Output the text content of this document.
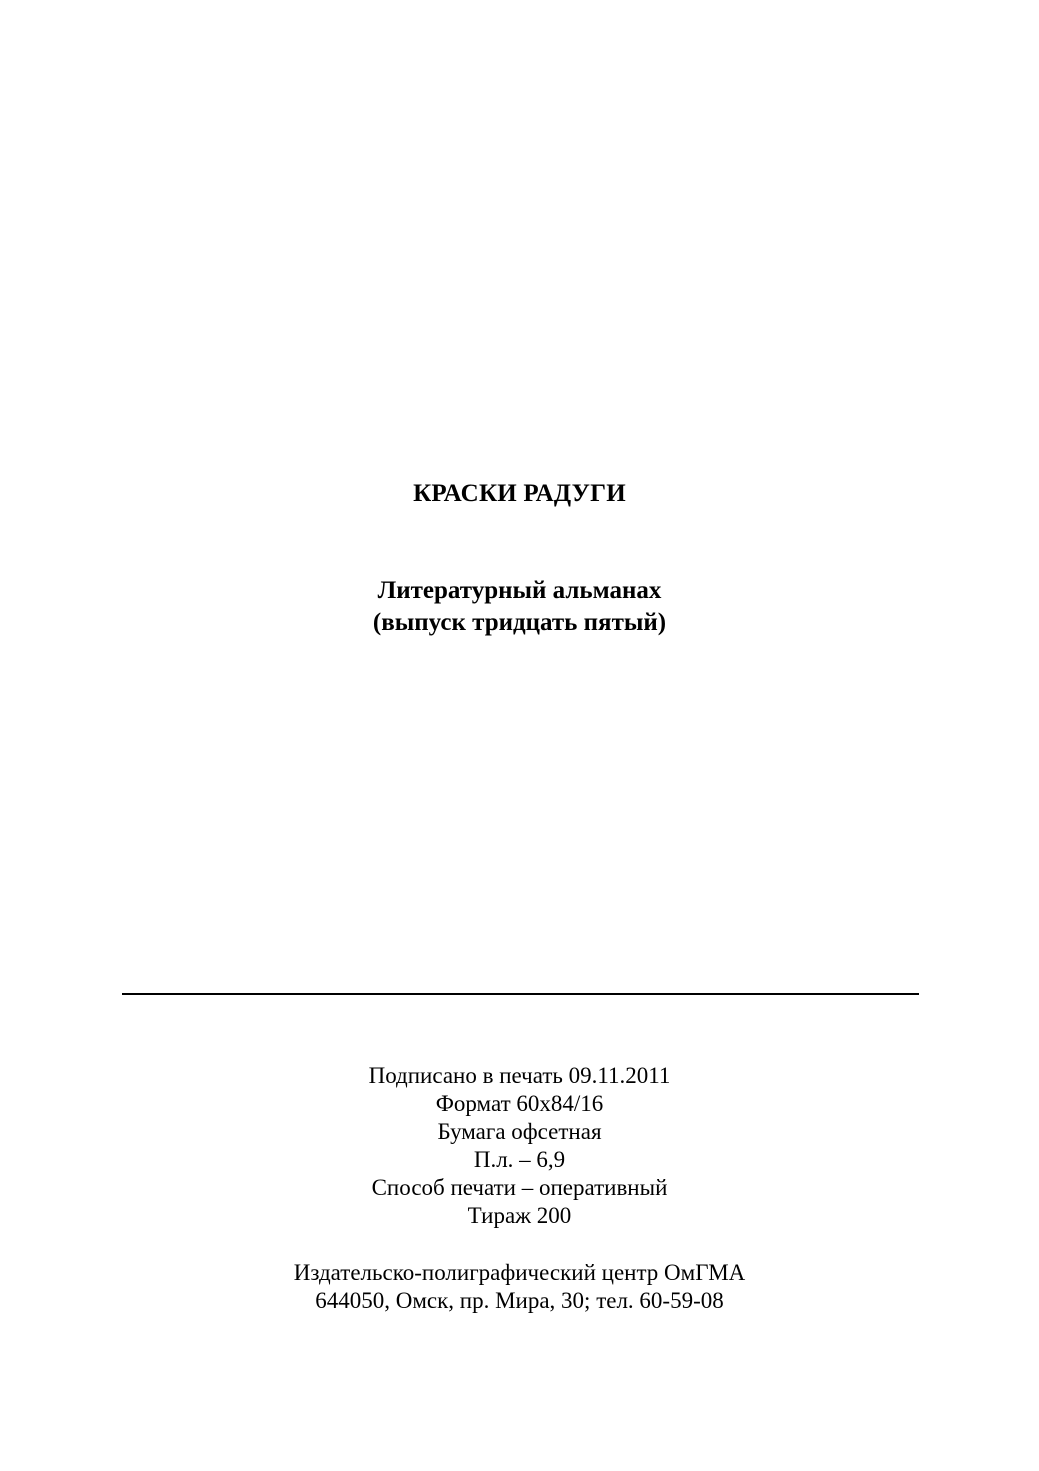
КРАСКИ РАДУГИ
Литературный альманах
(выпуск тридцать пятый)
Подписано в печать 09.11.2011
Формат 60х84/16
Бумага офсетная
П.л. – 6,9
Способ печати – оперативный
Тираж 200
Издательско-полиграфический центр ОмГМА
644050, Омск, пр. Мира, 30; тел. 60-59-08
